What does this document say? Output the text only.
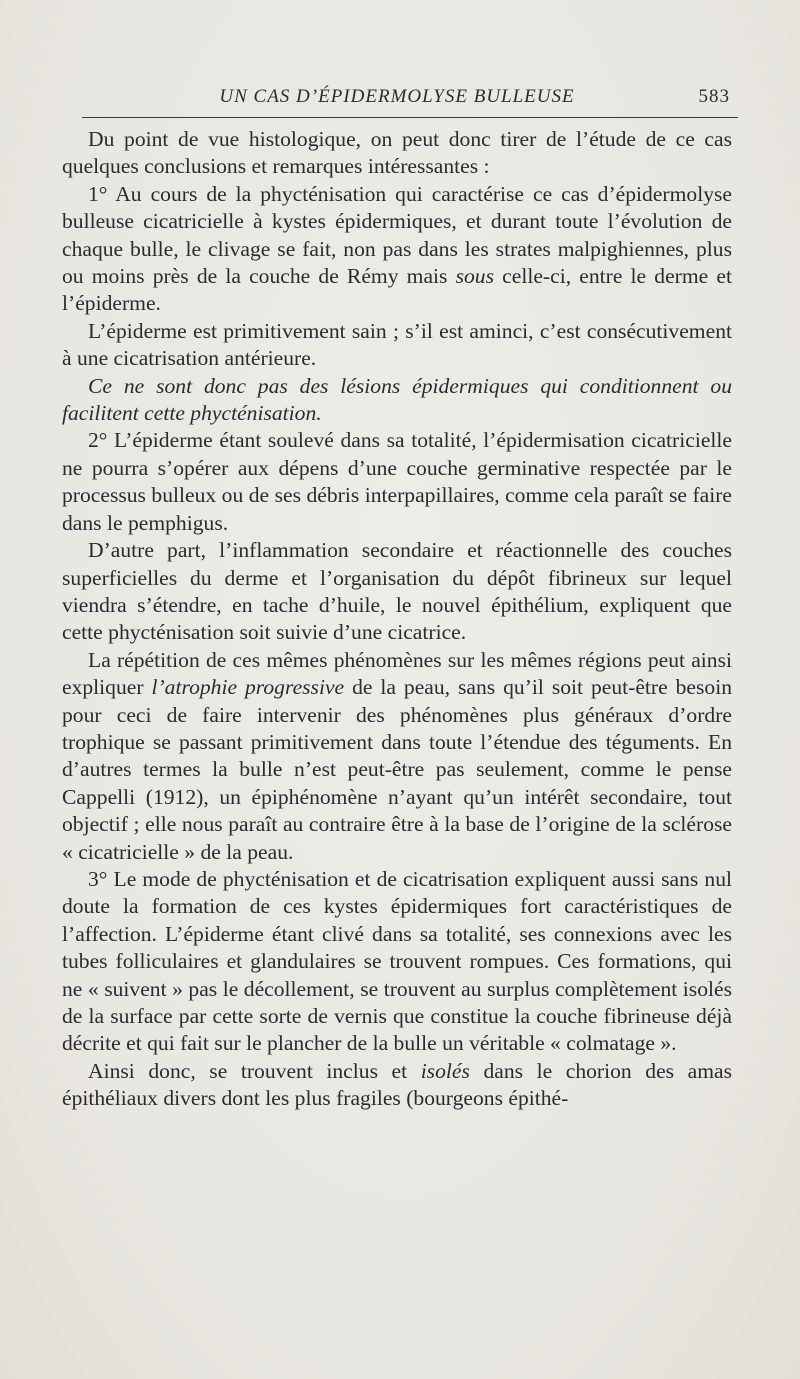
UN CAS D’ÉPIDERMOLYSE BULLEUSE	583

Du point de vue histologique, on peut donc tirer de l’étude de ce cas quelques conclusions et remarques intéressantes :

1° Au cours de la phycténisation qui caractérise ce cas d’épidermolyse bulleuse cicatricielle à kystes épidermiques, et durant toute l’évolution de chaque bulle, le clivage se fait, non pas dans les strates malpighiennes, plus ou moins près de la couche de Rémy mais sous celle-ci, entre le derme et l’épiderme.

L’épiderme est primitivement sain ; s’il est aminci, c’est consécutivement à une cicatrisation antérieure.

Ce ne sont donc pas des lésions épidermiques qui conditionnent ou facilitent cette phycténisation.

2° L’épiderme étant soulevé dans sa totalité, l’épidermisation cicatricielle ne pourra s’opérer aux dépens d’une couche germinative respectée par le processus bulleux ou de ses débris interpapillaires, comme cela paraît se faire dans le pemphigus.

D’autre part, l’inflammation secondaire et réactionnelle des couches superficielles du derme et l’organisation du dépôt fibrineux sur lequel viendra s’étendre, en tache d’huile, le nouvel épithélium, expliquent que cette phycténisation soit suivie d’une cicatrice.

La répétition de ces mêmes phénomènes sur les mêmes régions peut ainsi expliquer l’atrophie progressive de la peau, sans qu’il soit peut-être besoin pour ceci de faire intervenir des phénomènes plus généraux d’ordre trophique se passant primitivement dans toute l’étendue des téguments. En d’autres termes la bulle n’est peut-être pas seulement, comme le pense Cappelli (1912), un épiphénomène n’ayant qu’un intérêt secondaire, tout objectif ; elle nous paraît au contraire être à la base de l’origine de la sclérose « cicatricielle » de la peau.

3° Le mode de phycténisation et de cicatrisation expliquent aussi sans nul doute la formation de ces kystes épidermiques fort caractéristiques de l’affection. L’épiderme étant clivé dans sa totalité, ses connexions avec les tubes folliculaires et glandulaires se trouvent rompues. Ces formations, qui ne « suivent » pas le décollement, se trouvent au surplus complètement isolés de la surface par cette sorte de vernis que constitue la couche fibrineuse déjà décrite et qui fait sur le plancher de la bulle un véritable « colmatage ».

Ainsi donc, se trouvent inclus et isolés dans le chorion des amas épithéliaux divers dont les plus fragiles (bourgeons épithé-
